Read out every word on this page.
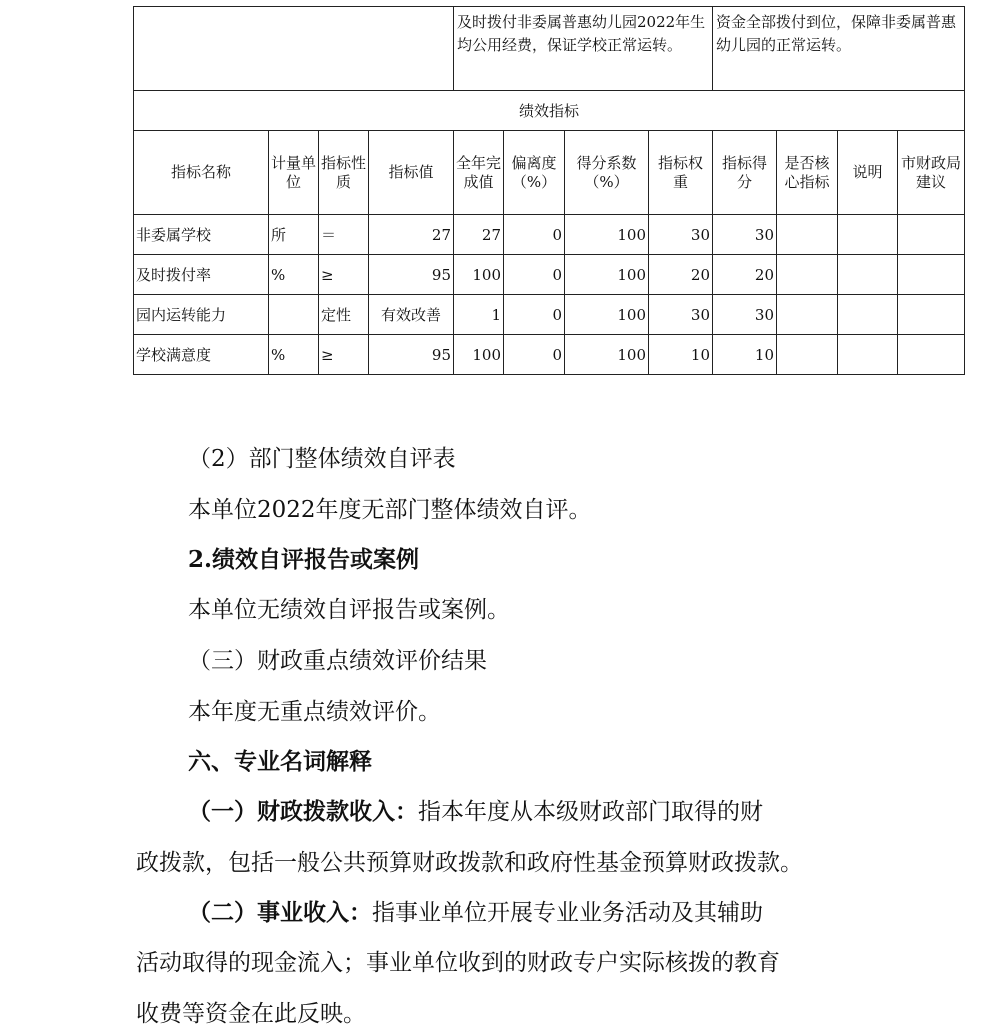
				及时拨付非委属普惠幼儿园2022年生均公用经费，保证学校正常运转。				资金全部拨付到位，保障非委属普惠幼儿园的正常运转。			
绩效指标											
指标名称	计量单位	指标性质	指标值	全年完成值	偏离度（%）	得分系数（%）	指标权重	指标得分	是否核心指标	说明	市财政局建议
非委属学校	所	＝	27	27	0	100	30	30			
及时拨付率	%	≥	95	100	0	100	20	20			
园内运转能力		定性	有效改善	1	0	100	30	30			
学校满意度	%	≥	95	100	0	100	10	10			
（2）部门整体绩效自评表
本单位2022年度无部门整体绩效自评。
2.绩效自评报告或案例
本单位无绩效自评报告或案例。
（三）财政重点绩效评价结果
本年度无重点绩效评价。
六、专业名词解释
（一）财政拨款收入：指本年度从本级财政部门取得的财
政拨款，包括一般公共预算财政拨款和政府性基金预算财政拨款。
（二）事业收入：指事业单位开展专业业务活动及其辅助
活动取得的现金流入；事业单位收到的财政专户实际核拨的教育
收费等资金在此反映。
